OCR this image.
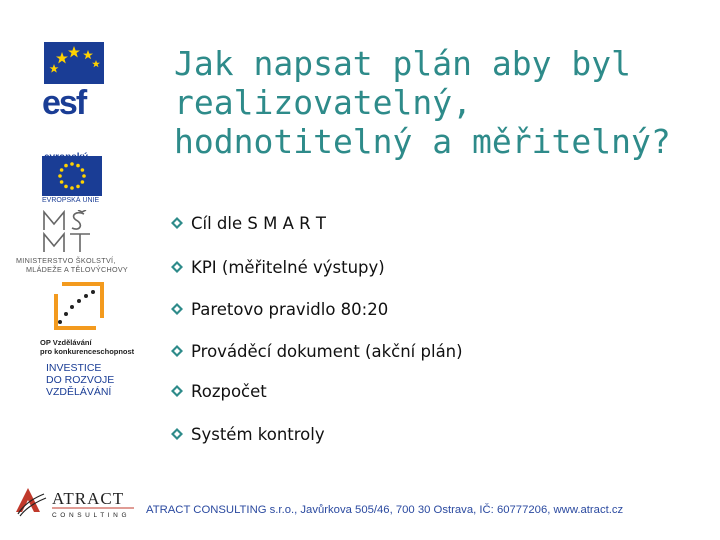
esf

EVROPSKÁ UNIE
MINISTERSTVO ŠKOLSTVÍ,
MLÁDEŽE A TĚLOVÝCHOVY
OP Vzdělávání
pro konkurenceschopnost
INVESTICE
DO ROZVOJE
VZDĚLÁVÁNÍ
Jak napsat plán aby byl realizovatelný, hodnotitelný a měřitelný?
Cíl dle S M A R T
KPI (měřitelné výstupy)
Paretovo pravidlo 80:20
Prováděcí dokument (akční plán)
Rozpočet
Systém kontroly
ATRACT
CONSULTING ATRACT CONSULTING s.r.o., Javůrkova 505/46, 700 30 Ostrava, IČ: 60777206, www.atract.cz
